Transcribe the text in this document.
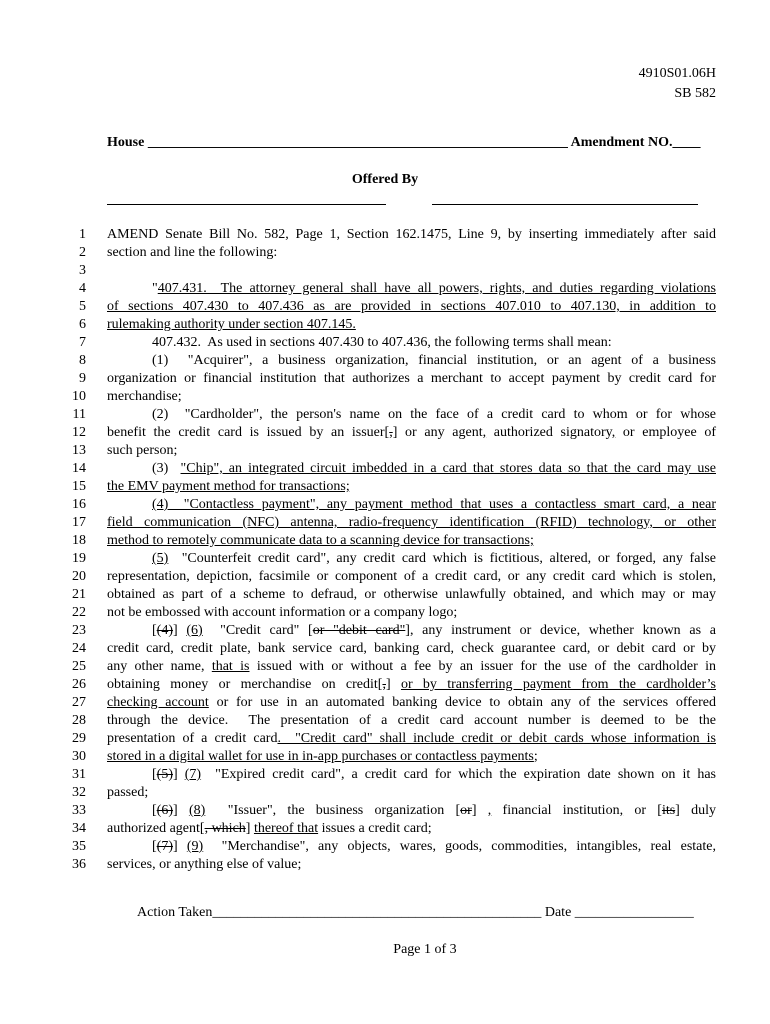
4910S01.06H
SB 582
House ____________________________________________________________ Amendment NO.____
Offered By
1 AMEND Senate Bill No. 582, Page 1, Section 162.1475, Line 9, by inserting immediately after said
2 section and line the following:
3
4	"407.431.  The attorney general shall have all powers, rights, and duties regarding violations
5 of sections 407.430 to 407.436 as are provided in sections 407.010 to 407.130, in addition to
6 rulemaking authority under section 407.145.
7	407.432.  As used in sections 407.430 to 407.436, the following terms shall mean:
8	(1)  "Acquirer", a business organization, financial institution, or an agent of a business
9 organization or financial institution that authorizes a merchant to accept payment by credit card for
10 merchandise;
11	(2)  "Cardholder", the person's name on the face of a credit card to whom or for whose
12 benefit the credit card is issued by an issuer[,] or any agent, authorized signatory, or employee of
13 such person;
14	(3)  "Chip", an integrated circuit imbedded in a card that stores data so that the card may use
15 the EMV payment method for transactions;
16	(4)  "Contactless payment", any payment method that uses a contactless smart card, a near
17 field communication (NFC) antenna, radio-frequency identification (RFID) technology, or other
18 method to remotely communicate data to a scanning device for transactions;
19	(5)  "Counterfeit credit card", any credit card which is fictitious, altered, or forged, any false
20 representation, depiction, facsimile or component of a credit card, or any credit card which is stolen,
21 obtained as part of a scheme to defraud, or otherwise unlawfully obtained, and which may or may
22 not be embossed with account information or a company logo;
23	[(4)] (6)  "Credit card" [or "debit card"], any instrument or device, whether known as a
24 credit card, credit plate, bank service card, banking card, check guarantee card, or debit card or by
25 any other name, that is issued with or without a fee by an issuer for the use of the cardholder in
26 obtaining money or merchandise on credit[,] or by transferring payment from the cardholder’s
27 checking account or for use in an automated banking device to obtain any of the services offered
28 through the device.  The presentation of a credit card account number is deemed to be the
29 presentation of a credit card.  "Credit card" shall include credit or debit cards whose information is
30 stored in a digital wallet for use in in-app purchases or contactless payments;
31	[(5)] (7)  "Expired credit card", a credit card for which the expiration date shown on it has
32 passed;
33	[(6)] (8)  "Issuer", the business organization [or] , financial institution, or [its] duly
34 authorized agent[, which] thereof that issues a credit card;
35	[(7)] (9)  "Merchandise", any objects, wares, goods, commodities, intangibles, real estate,
36 services, or anything else of value;
Action Taken_______________________________________________ Date _________________
Page 1 of 3
